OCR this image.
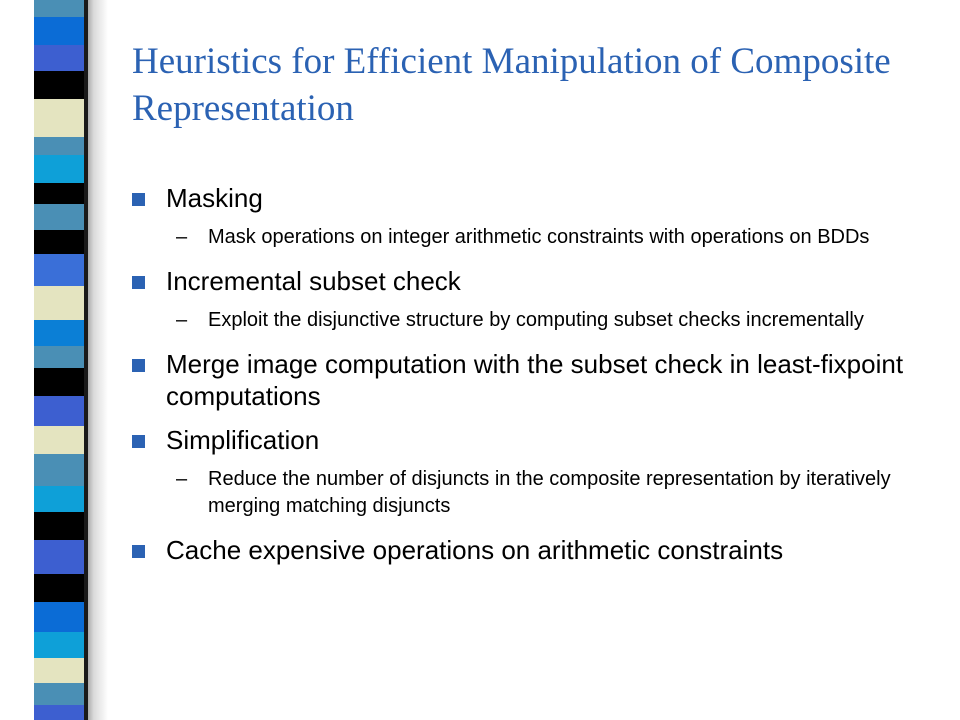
Heuristics for Efficient Manipulation of Composite Representation
Masking
– Mask operations on integer arithmetic constraints with operations on BDDs
Incremental subset check
– Exploit the disjunctive structure by computing subset checks incrementally
Merge image computation with the subset check in least-fixpoint computations
Simplification
– Reduce the number of disjuncts in the composite representation by iteratively merging matching disjuncts
Cache expensive operations on arithmetic constraints
